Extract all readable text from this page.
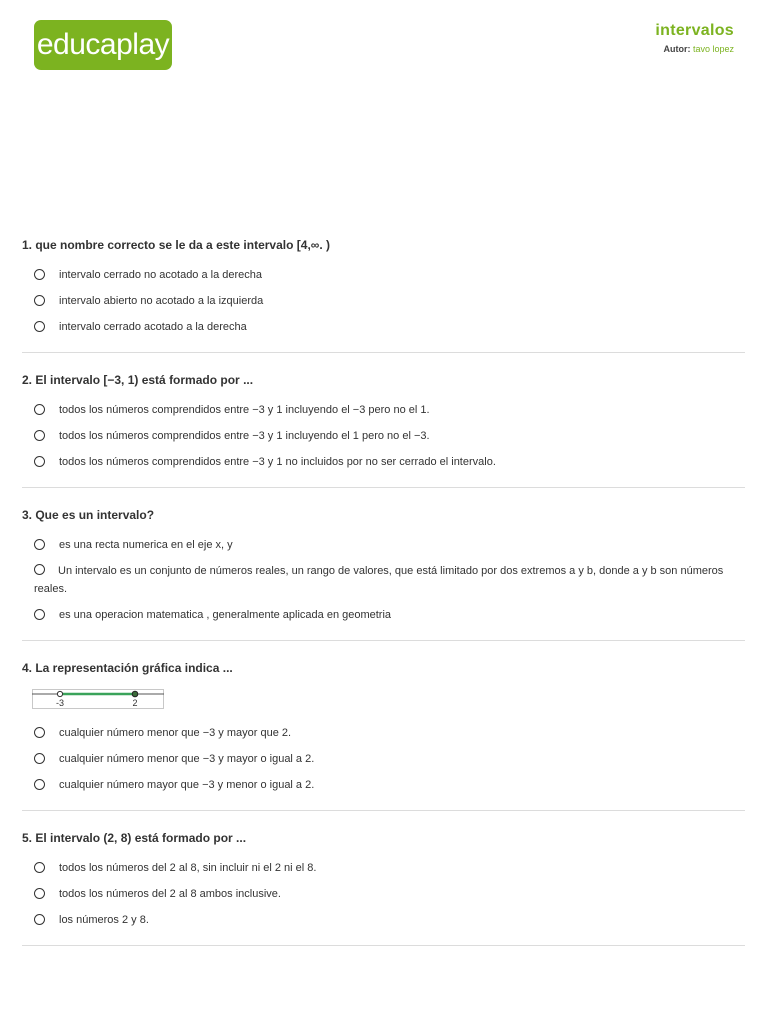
educaplay	intervalos
Autor: tavo lopez
1. que nombre correcto se le da a este intervalo [4,∞. )
intervalo cerrado no acotado a la derecha
intervalo abierto no acotado a la izquierda
intervalo cerrado acotado a la derecha
2. El intervalo [−3, 1) está formado por ...
todos los números comprendidos entre −3 y 1 incluyendo el −3 pero no el 1.
todos los números comprendidos entre −3 y 1 incluyendo el 1 pero no el −3.
todos los números comprendidos entre −3 y 1 no incluidos por no ser cerrado el intervalo.
3. Que es un intervalo?
es una recta numerica en el eje x, y
Un intervalo es un conjunto de números reales, un rango de valores, que está limitado por dos extremos a y b, donde a y b son números reales.
es una operacion matematica , generalmente aplicada en geometria
4. La representación gráfica indica ...
-3	2
cualquier número menor que −3 y mayor que 2.
cualquier número menor que −3 y mayor o igual a 2.
cualquier número mayor que −3 y menor o igual a 2.
5. El intervalo (2, 8) está formado por ...
todos los números del 2 al 8, sin incluir ni el 2 ni el 8.
todos los números del 2 al 8 ambos inclusive.
los números 2 y 8.
